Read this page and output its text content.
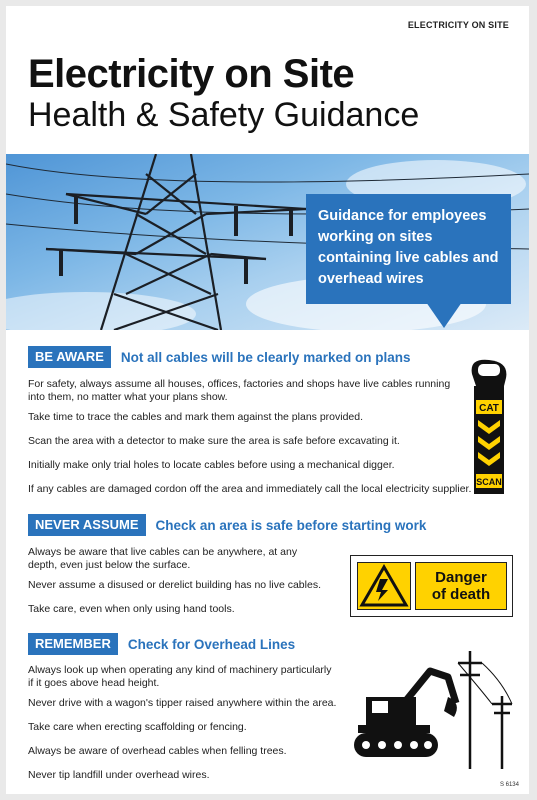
ELECTRICITY ON SITE
Electricity on Site
Health & Safety Guidance
Guidance for employees working on sites containing live cables and overhead wires
BE AWARE	Not all cables will be clearly marked on plans
For safety, always assume all houses, offices, factories and shops have live cables running into them, no matter what your plans show.
Take time to trace the cables and mark them against the plans provided.
Scan the area with a detector to make sure the area is safe before excavating it.
Initially make only trial holes to locate cables before using a mechanical digger.
If any cables are damaged cordon off the area and immediately call the local electricity supplier.
CAT
SCAN
NEVER ASSUME	Check an area is safe before starting work
Always be aware that live cables can be anywhere, at any depth, even just below the surface.
Never assume a disused or derelict building has no live cables.
Take care, even when only using hand tools.
Danger
of death
REMEMBER	Check for Overhead Lines
Always look up when operating any kind of machinery particularly if it goes above head height.
Never drive with a wagon's tipper raised anywhere within the area.
Take care when erecting scaffolding or fencing.
Always be aware of overhead cables when felling trees.
Never tip landfill under overhead wires.
S 6134
